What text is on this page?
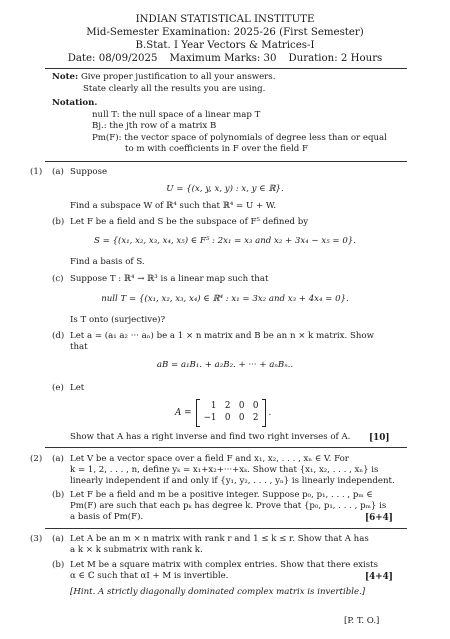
INDIAN STATISTICAL INSTITUTE
Mid-Semester Examination: 2025-26 (First Semester)
B.Stat. I Year Vectors & Matrices-I
Date: 08/09/2025 Maximum Marks: 30 Duration: 2 Hours
Note: Give proper justification to all your answers.
State clearly all the results you are using.
Notation.
null T: the null space of a linear map T
Bj.: the jth row of a matrix B
Pm(F): the vector space of polynomials of degree less than or equal
to m with coefficients in F over the field F
(1) (a) Suppose
U = {(x, y, x, y) : x, y ∈ ℝ}.
Find a subspace W of ℝ⁴ such that ℝ⁴ = U + W.
(b) Let F be a field and S be the subspace of F⁵ defined by
S = {(x₁, x₂, x₃, x₄, x₅) ∈ F⁵ : 2x₁ = x₃ and x₂ + 3x₄ − x₅ = 0}.
Find a basis of S.
(c) Suppose T : ℝ⁴ → ℝ³ is a linear map such that
null T = {(x₁, x₂, x₃, x₄) ∈ ℝ⁴ : x₁ = 3x₂ and x₃ + 4x₄ = 0}.
Is T onto (surjective)?
(d) Let a = (a₁ a₂ ··· aₙ) be a 1 × n matrix and B be an n × k matrix. Show
that
aB = a₁B₁. + a₂B₂. + ··· + aₙBₙ..
(e) Let
A =
1 2 0 0
−1 0 0 2 .
Show that A has a right inverse and find two right inverses of A. [10]
(2) (a) Let V be a vector space over a field F and x₁, x₂, . . . , xₙ ∈ V. For
k = 1, 2, . . . , n, define yₖ = x₁+x₂+···+xₖ. Show that {x₁, x₂, . . . , xₙ} is
linearly independent if and only if {y₁, y₂, . . . , yₙ} is linearly independent.
(b) Let F be a field and m be a positive integer. Suppose p₀, p₁, . . . , pₘ ∈
Pm(F) are such that each pₖ has degree k. Prove that {p₀, p₁, . . . , pₘ} is
a basis of Pm(F).	[6+4]
(3) (a) Let A be an m × n matrix with rank r and 1 ≤ k ≤ r. Show that A has
a k × k submatrix with rank k.
(b) Let M be a square matrix with complex entries. Show that there exists
α ∈ ℂ such that αI + M is invertible.	[4+4]
[Hint. A strictly diagonally dominated complex matrix is invertible.]
[P. T. O.]
